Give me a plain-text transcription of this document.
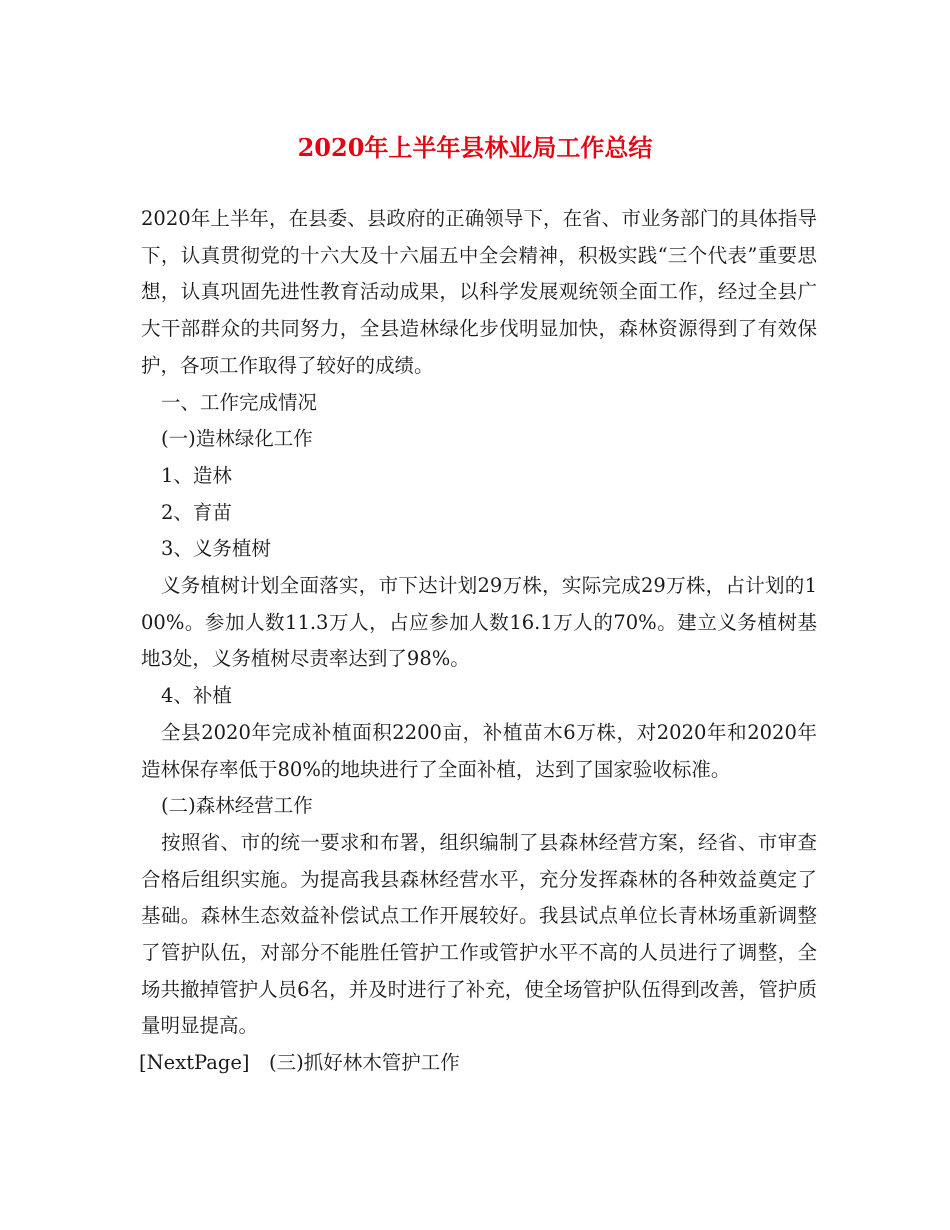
2020年上半年县林业局工作总结

2020年上半年，在县委、县政府的正确领导下，在省、市业务部门的具体指导下，认真贯彻党的十六大及十六届五中全会精神，积极实践“三个代表”重要思想，认真巩固先进性教育活动成果，以科学发展观统领全面工作，经过全县广大干部群众的共同努力，全县造林绿化步伐明显加快，森林资源得到了有效保护，各项工作取得了较好的成绩。

一、工作完成情况

(一)造林绿化工作

1、造林

2、育苗

3、义务植树

义务植树计划全面落实，市下达计划29万株，实际完成29万株，占计划的100%。参加人数11.3万人，占应参加人数16.1万人的70%。建立义务植树基地3处，义务植树尽责率达到了98%。

4、补植

全县2020年完成补植面积2200亩，补植苗木6万株，对2020年和2020年造林保存率低于80%的地块进行了全面补植，达到了国家验收标准。

(二)森林经营工作

按照省、市的统一要求和布署，组织编制了县森林经营方案，经省、市审查合格后组织实施。为提高我县森林经营水平，充分发挥森林的各种效益奠定了基础。森林生态效益补偿试点工作开展较好。我县试点单位长青林场重新调整了管护队伍，对部分不能胜任管护工作或管护水平不高的人员进行了调整，全场共撤掉管护人员6名，并及时进行了补充，使全场管护队伍得到改善，管护质量明显提高。

[NextPage]　(三)抓好林木管护工作
